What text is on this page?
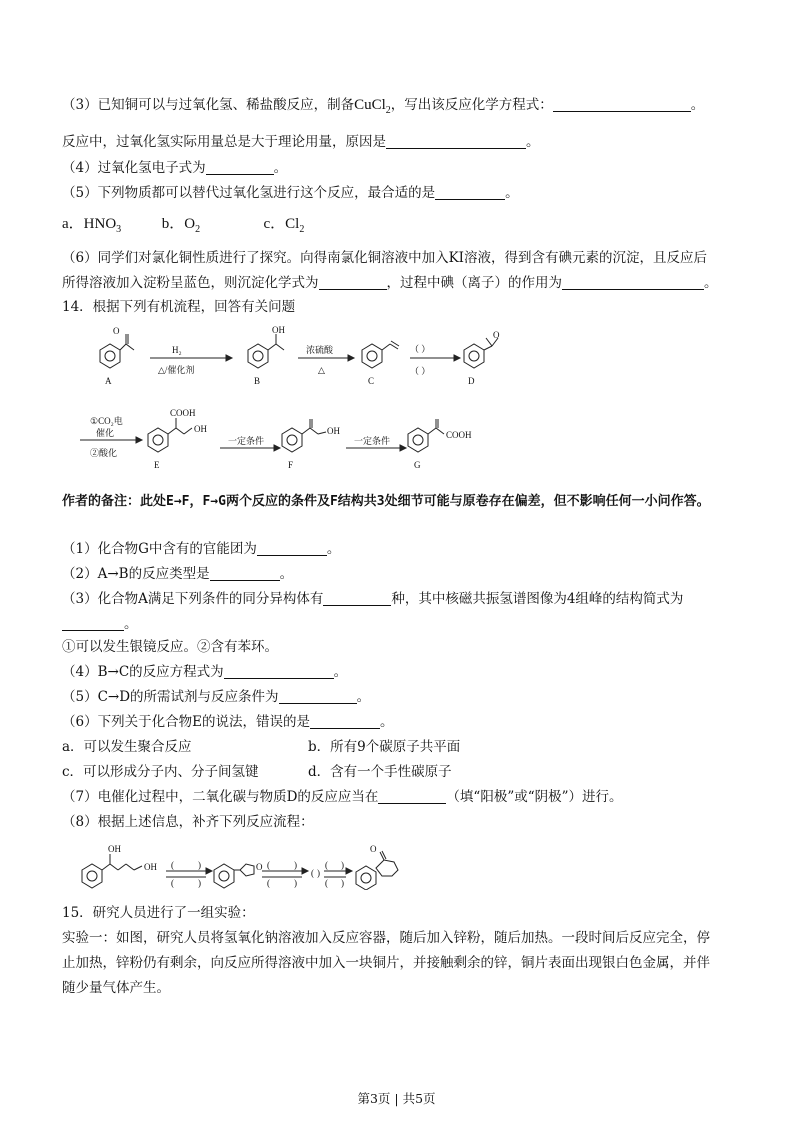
（3）已知铜可以与过氧化氢、稀盐酸反应，制备CuCl$_2$，写出该反应化学方程式：	。
反应中，过氧化氢实际用量总是大于理论用量，原因是	。
（4）过氧化氢电子式为	。
（5）下列物质都可以替代过氧化氢进行这个反应，最合适的是	。
a．$HNO_3$	b．$O_2$	c．$Cl_2$
（6）同学们对氯化铜性质进行了探究。向得南氯化铜溶液中加入KI溶液，得到含有碘元素的沉淀，且反应后
所得溶液加入淀粉呈蓝色，则沉淀化学式为	，过程中碘（离子）的作用为	。
14．根据下列有机流程，回答有关问题
O
A
H₂
△/催化剂
OH
B
浓硫酸
△
C
（ ）
（ ）
O
D
①CO₂电
催化
②酸化
COOH
OH
E
一定条件
OH
F
一定条件
COOH
G
作者的备注：此处E→F，F→G两个反应的条件及F结构共3处细节可能与原卷存在偏差，但不影响任何一小问作答。
（1）化合物G中含有的官能团为	。
（2）A→B的反应类型是	。
（3）化合物A满足下列条件的同分异构体有	种，其中核磁共振氢谱图像为4组峰的结构简式为
。
①可以发生银镜反应。②含有苯环。
（4）B→C的反应方程式为	。
（5）C→D的所需试剂与反应条件为	。
（6）下列关于化合物E的说法，错误的是	。
a．可以发生聚合反应	b．所有9个碳原子共平面
c．可以形成分子内、分子间氢键	d．含有一个手性碳原子
（7）电催化过程中，二氧化碳与物质D的反应应当在	（填“阳极”或“阴极”）进行。
（8）根据上述信息，补齐下列反应流程：
OH
OH (	)
(	)
O (	)
(	)
( )
( )
( )
O
15．研究人员进行了一组实验：
实验一：如图，研究人员将氢氧化钠溶液加入反应容器，随后加入锌粉，随后加热。一段时间后反应完全，停
止加热，锌粉仍有剩余，向反应所得溶液中加入一块铜片，并接触剩余的锌，铜片表面出现银白色金属，并伴
随少量气体产生。
第3页 | 共5页
